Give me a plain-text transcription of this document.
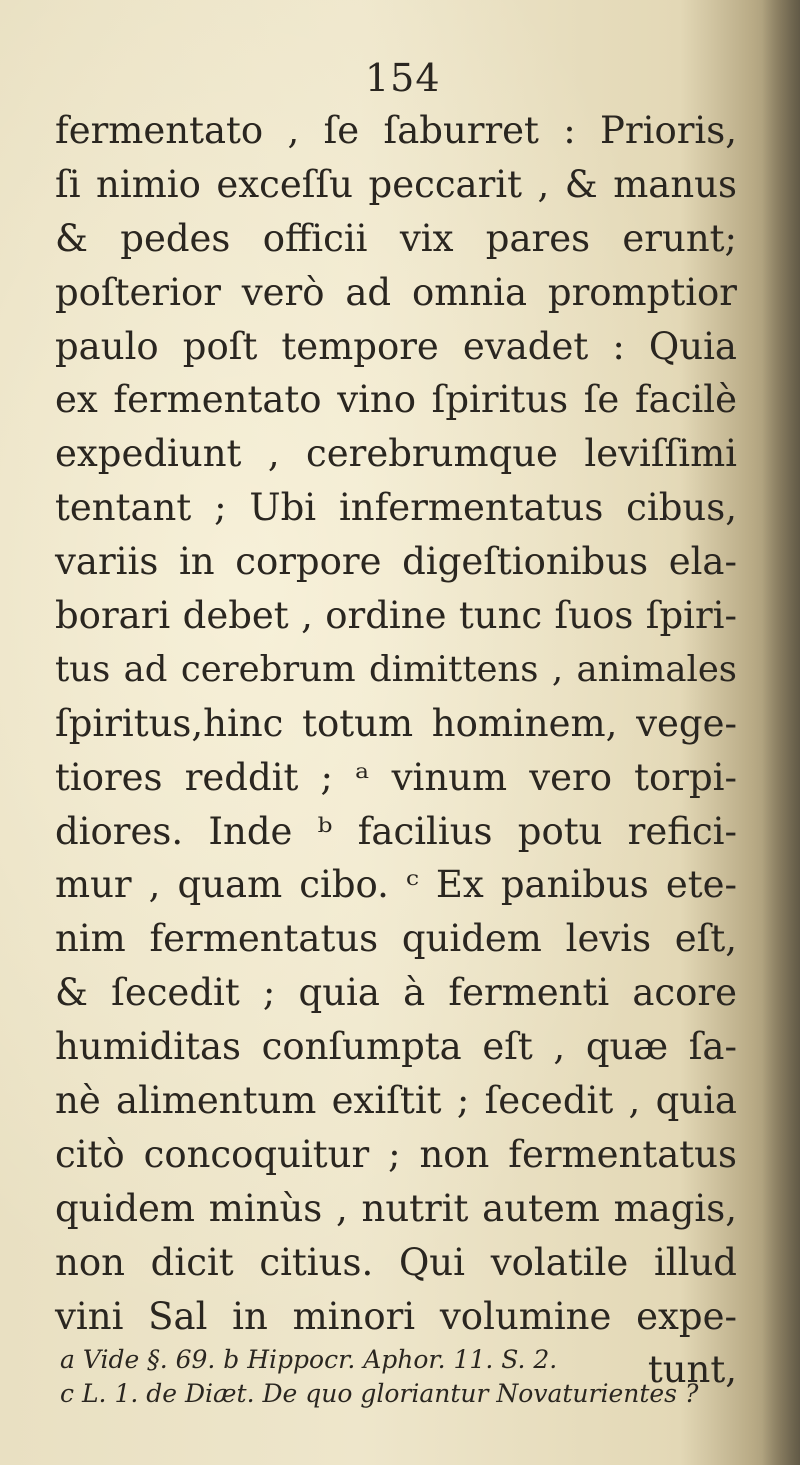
154
fermentato , ſe ſaburret : Prioris,
ſi nimio exceſſu peccarit , & manus
& pedes officii vix pares erunt;
poſterior verò ad omnia promptior
paulo poſt tempore evadet : Quia
ex fermentato vino ſpiritus ſe facilè
expediunt , cerebrumque leviſſimi
tentant ; Ubi infermentatus cibus,
variis in corpore digeſtionibus ela-
borari debet , ordine tunc ſuos ſpiri-
tus ad cerebrum dimittens , animales
ſpiritus,hinc totum hominem, vege-
tiores reddit ; ᵃ vinum vero torpi-
diores. Inde ᵇ facilius potu refici-
mur , quam cibo. ᶜ Ex panibus ete-
nim fermentatus quidem levis eſt,
& ſecedit ; quia à fermenti acore
humiditas conſumpta eſt , quæ ſa-
nè alimentum exiſtit ; ſecedit , quia
citò concoquitur ; non fermentatus
quidem minùs , nutrit autem magis,
non dicit citius. Qui volatile illud
vini Sal in minori volumine expe-
tunt,
a Vide §. 69. b Hippocr. Aphor. 11. S. 2.
c L. 1. de Diæt. De quo gloriantur Novaturientes ?
